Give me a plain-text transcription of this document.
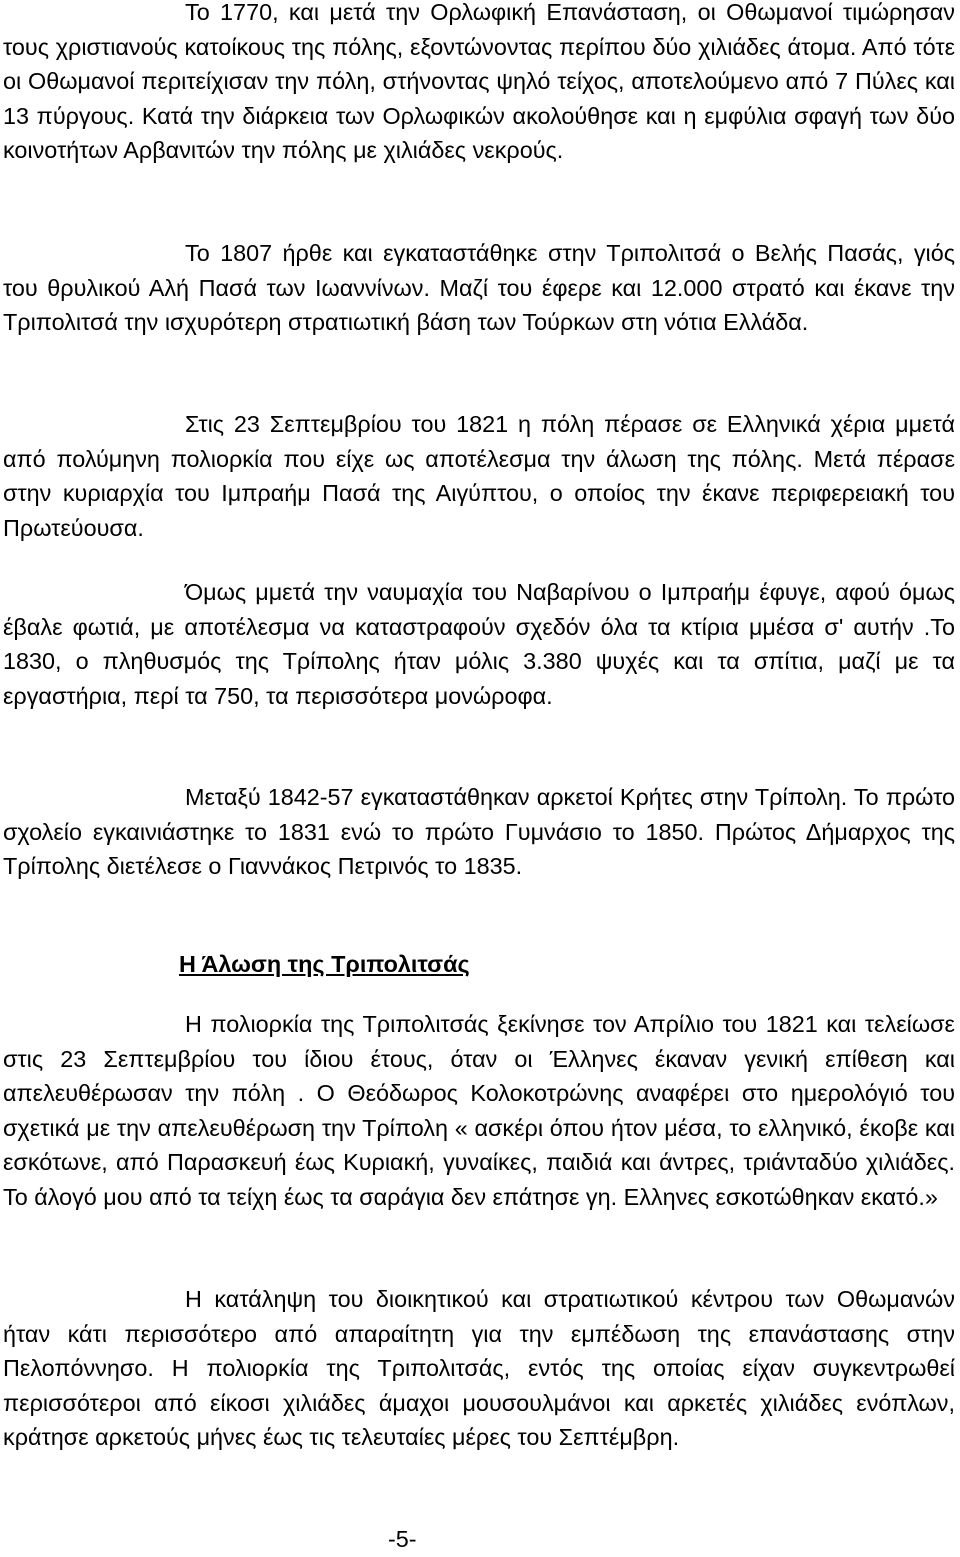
Το 1770, και μετά την Ορλωφική Επανάσταση, οι Οθωμανοί τιμώρησαν τους χριστιανούς κατοίκους της πόλης, εξοντώνοντας περίπου δύο χιλιάδες άτομα. Από τότε οι Οθωμανοί περιτείχισαν την πόλη, στήνοντας ψηλό τείχος, αποτελούμενο από 7 Πύλες και 13 πύργους. Κατά την διάρκεια των Ορλωφικών ακολούθησε και η εμφύλια σφαγή των δύο κοινοτήτων Αρβανιτών την πόλης με χιλιάδες νεκρούς.

Το 1807 ήρθε και εγκαταστάθηκε στην Τριπολιτσά ο Βελής Πασάς, γιός του θρυλικού Αλή Πασά των Ιωαννίνων. Μαζί του έφερε και 12.000 στρατό και έκανε την Τριπολιτσά την ισχυρότερη στρατιωτική βάση των Τούρκων στη νότια Ελλάδα.

Στις 23 Σεπτεμβρίου του 1821 η πόλη πέρασε σε Ελληνικά χέρια μμετά από πολύμηνη πολιορκία που είχε ως αποτέλεσμα την άλωση της πόλης. Μετά πέρασε στην κυριαρχία του Ιμπραήμ Πασά της Αιγύπτου, ο οποίος την έκανε περιφερειακή του Πρωτεύουσα.

Όμως μμετά την ναυμαχία του Ναβαρίνου ο Ιμπραήμ έφυγε, αφού όμως έβαλε φωτιά, με αποτέλεσμα να καταστραφούν σχεδόν όλα τα κτίρια μμέσα σ' αυτήν .Το 1830, ο πληθυσμός της Τρίπολης ήταν μόλις 3.380 ψυχές και τα σπίτια, μαζί με τα εργαστήρια, περί τα 750, τα περισσότερα μονώροφα.

Μεταξύ 1842-57 εγκαταστάθηκαν αρκετοί Κρήτες στην Τρίπολη. Το πρώτο σχολείο εγκαινιάστηκε το 1831 ενώ το πρώτο Γυμνάσιο το 1850. Πρώτος Δήμαρχος της Τρίπολης διετέλεσε ο Γιαννάκος Πετρινός το 1835.

Η Άλωση της Τριπολιτσάς

Η πολιορκία της Τριπολιτσάς ξεκίνησε τον Απρίλιο του 1821 και τελείωσε στις 23 Σεπτεμβρίου του ίδιου έτους, όταν οι Έλληνες έκαναν γενική επίθεση και απελευθέρωσαν την πόλη . Ο Θεόδωρος Κολοκοτρώνης αναφέρει στο ημερολόγιό του σχετικά με την απελευθέρωση την Τρίπολη « ασκέρι όπου ήτον μέσα, το ελληνικό, έκοβε και εσκότωνε, από Παρασκευή έως Κυριακή, γυναίκες, παιδιά και άντρες, τριάνταδύο χιλιάδες. Το άλογό μου από τα τείχη έως τα σαράγια δεν επάτησε γη. Ελληνες εσκοτώθηκαν εκατό.»

Η κατάληψη του διοικητικού και στρατιωτικού κέντρου των Οθωμανών ήταν κάτι περισσότερο από απαραίτητη για την εμπέδωση της επανάστασης στην Πελοπόννησο. Η πολιορκία της Τριπολιτσάς, εντός της οποίας είχαν συγκεντρωθεί περισσότεροι από είκοσι χιλιάδες άμαχοι μουσουλμάνοι και αρκετές χιλιάδες ενόπλων, κράτησε αρκετούς μήνες έως τις τελευταίες μέρες του Σεπτέμβρη.

-5-
